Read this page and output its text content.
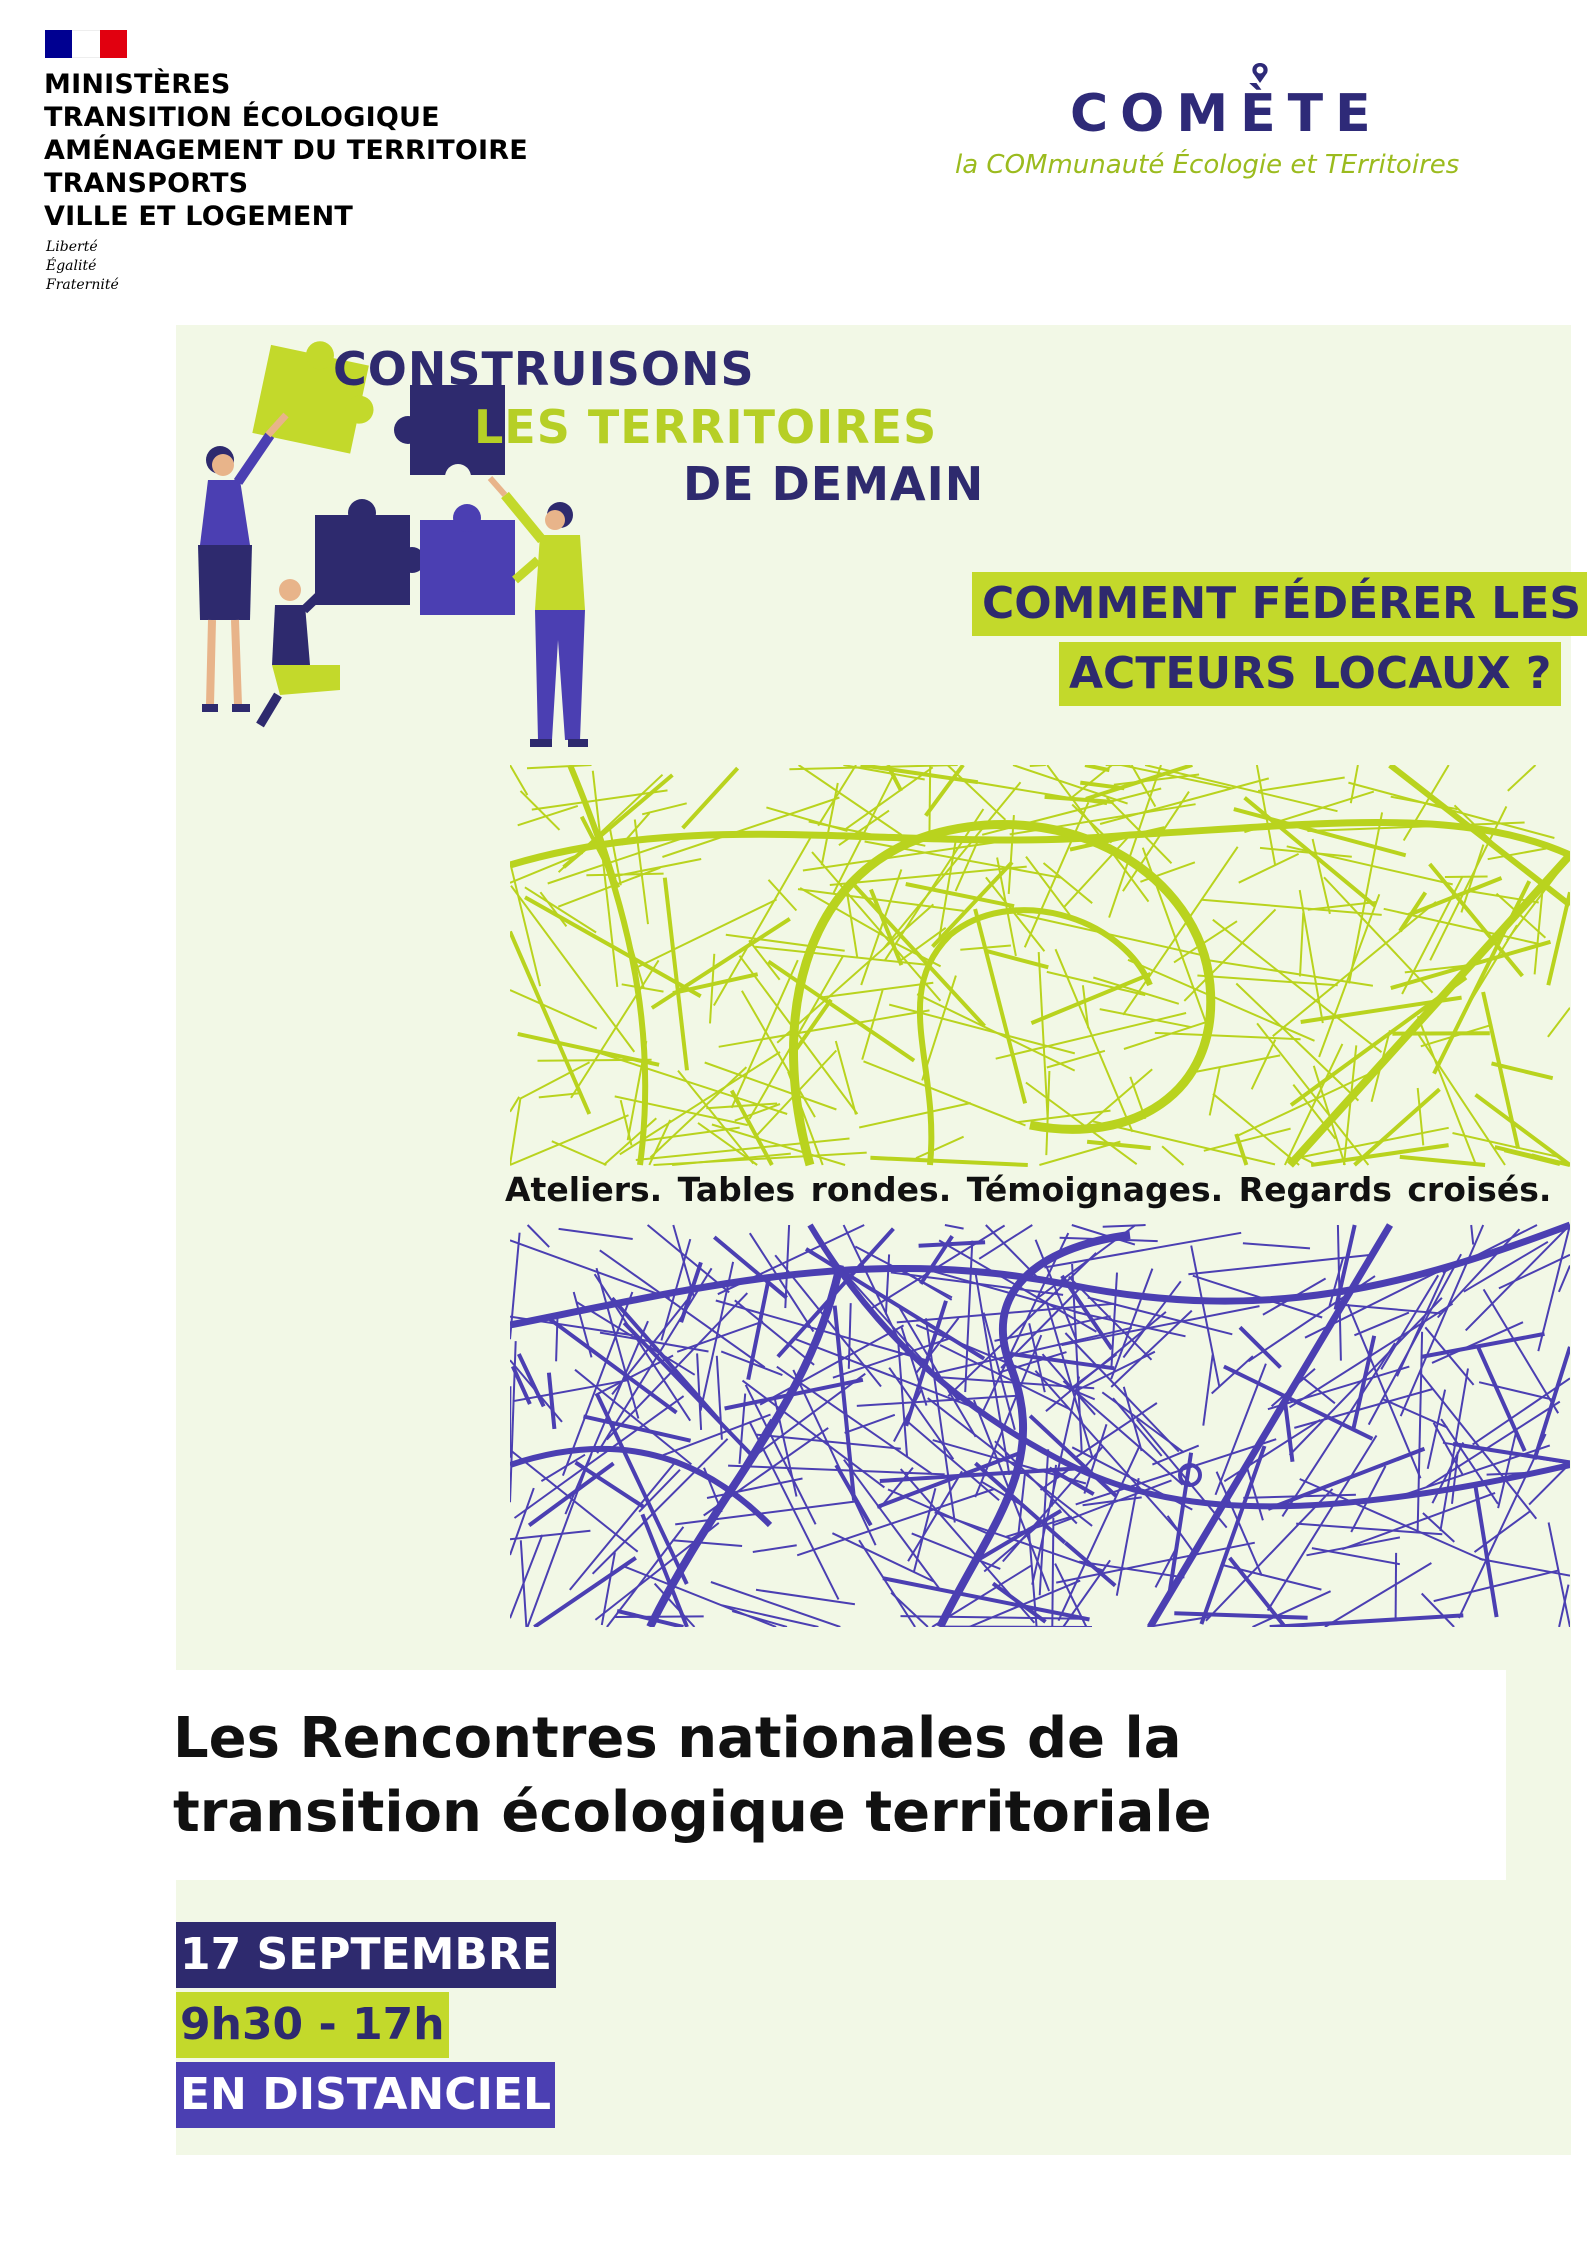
MINISTÈRES
TRANSITION ÉCOLOGIQUE
AMÉNAGEMENT DU TERRITOIRE
TRANSPORTS
VILLE ET LOGEMENT
Liberté
Égalité
Fraternité
COMÈTE
la COMmunauté Écologie et TErritoires
CONSTRUISONS
LES TERRITOIRES
DE DEMAIN
COMMENT FÉDÉRER LES
ACTEURS LOCAUX ?
Ateliers. Tables rondes. Témoignages. Regards croisés.
Les Rencontres nationales de la
transition écologique territoriale
17 SEPTEMBRE
9h30 - 17h
EN DISTANCIEL
